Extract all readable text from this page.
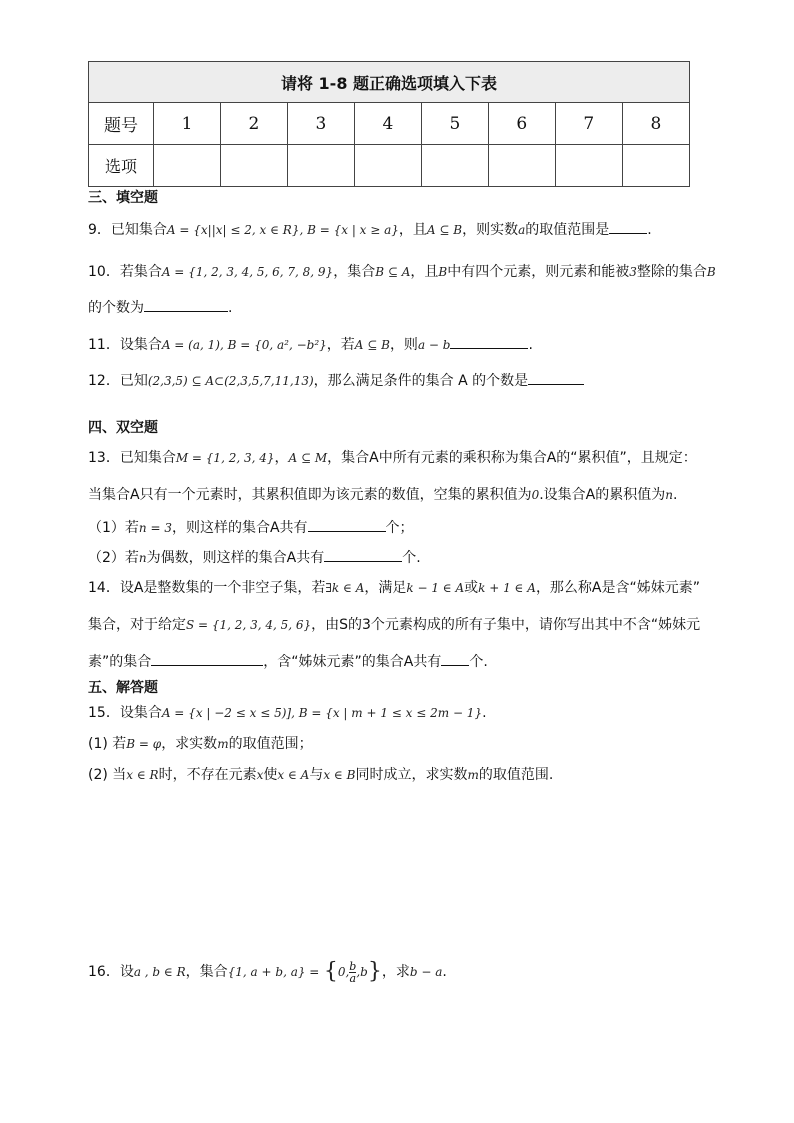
请将 1-8 题正确选项填入下表								
题号	1	2	3	4	5	6	7	8
选项								
三、填空题
9．已知集合A = {x||x| ≤ 2, x ∈ R}, B = {x | x ≥ a}，且A ⊆ B，则实数a的取值范围是	.
10．若集合A = {1, 2, 3, 4, 5, 6, 7, 8, 9}，集合B ⊆ A，且B中有四个元素，则元素和能被3整除的集合B
的个数为	.
11．设集合A = (a, 1), B = {0, a², −b²}，若A ⊆ B，则a − b	.
12．已知(2,3,5) ⊆ A⊂(2,3,5,7,11,13)，那么满足条件的集合 A 的个数是
四、双空题
13．已知集合M = {1, 2, 3, 4}，A ⊆ M，集合A中所有元素的乘积称为集合A的“累积值”，且规定：
当集合A只有一个元素时，其累积值即为该元素的数值，空集的累积值为0.设集合A的累积值为n.
（1）若n = 3，则这样的集合A共有	个；
（2）若n为偶数，则这样的集合A共有	个.
14．设A是整数集的一个非空子集，若∃k ∈ A，满足k − 1 ∈ A或k + 1 ∈ A，那么称A是含“姊妹元素”
集合，对于给定S = {1, 2, 3, 4, 5, 6}，由S的3个元素构成的所有子集中，请你写出其中不含“姊妹元
素”的集合	，含“姊妹元素”的集合A共有 个.
五、解答题
15．设集合A = {x | −2 ≤ x ≤ 5)], B = {x | m + 1 ≤ x ≤ 2m − 1}.
(1) 若B = φ，求实数m的取值范围；
(2) 当x ∈ R时，不存在元素x使x ∈ A与x ∈ B同时成立，求实数m的取值范围.
16．设a , b ∈ R，集合{1, a + b, a} = {0, $\frac{b}{a} ,b$}，求b − a.
